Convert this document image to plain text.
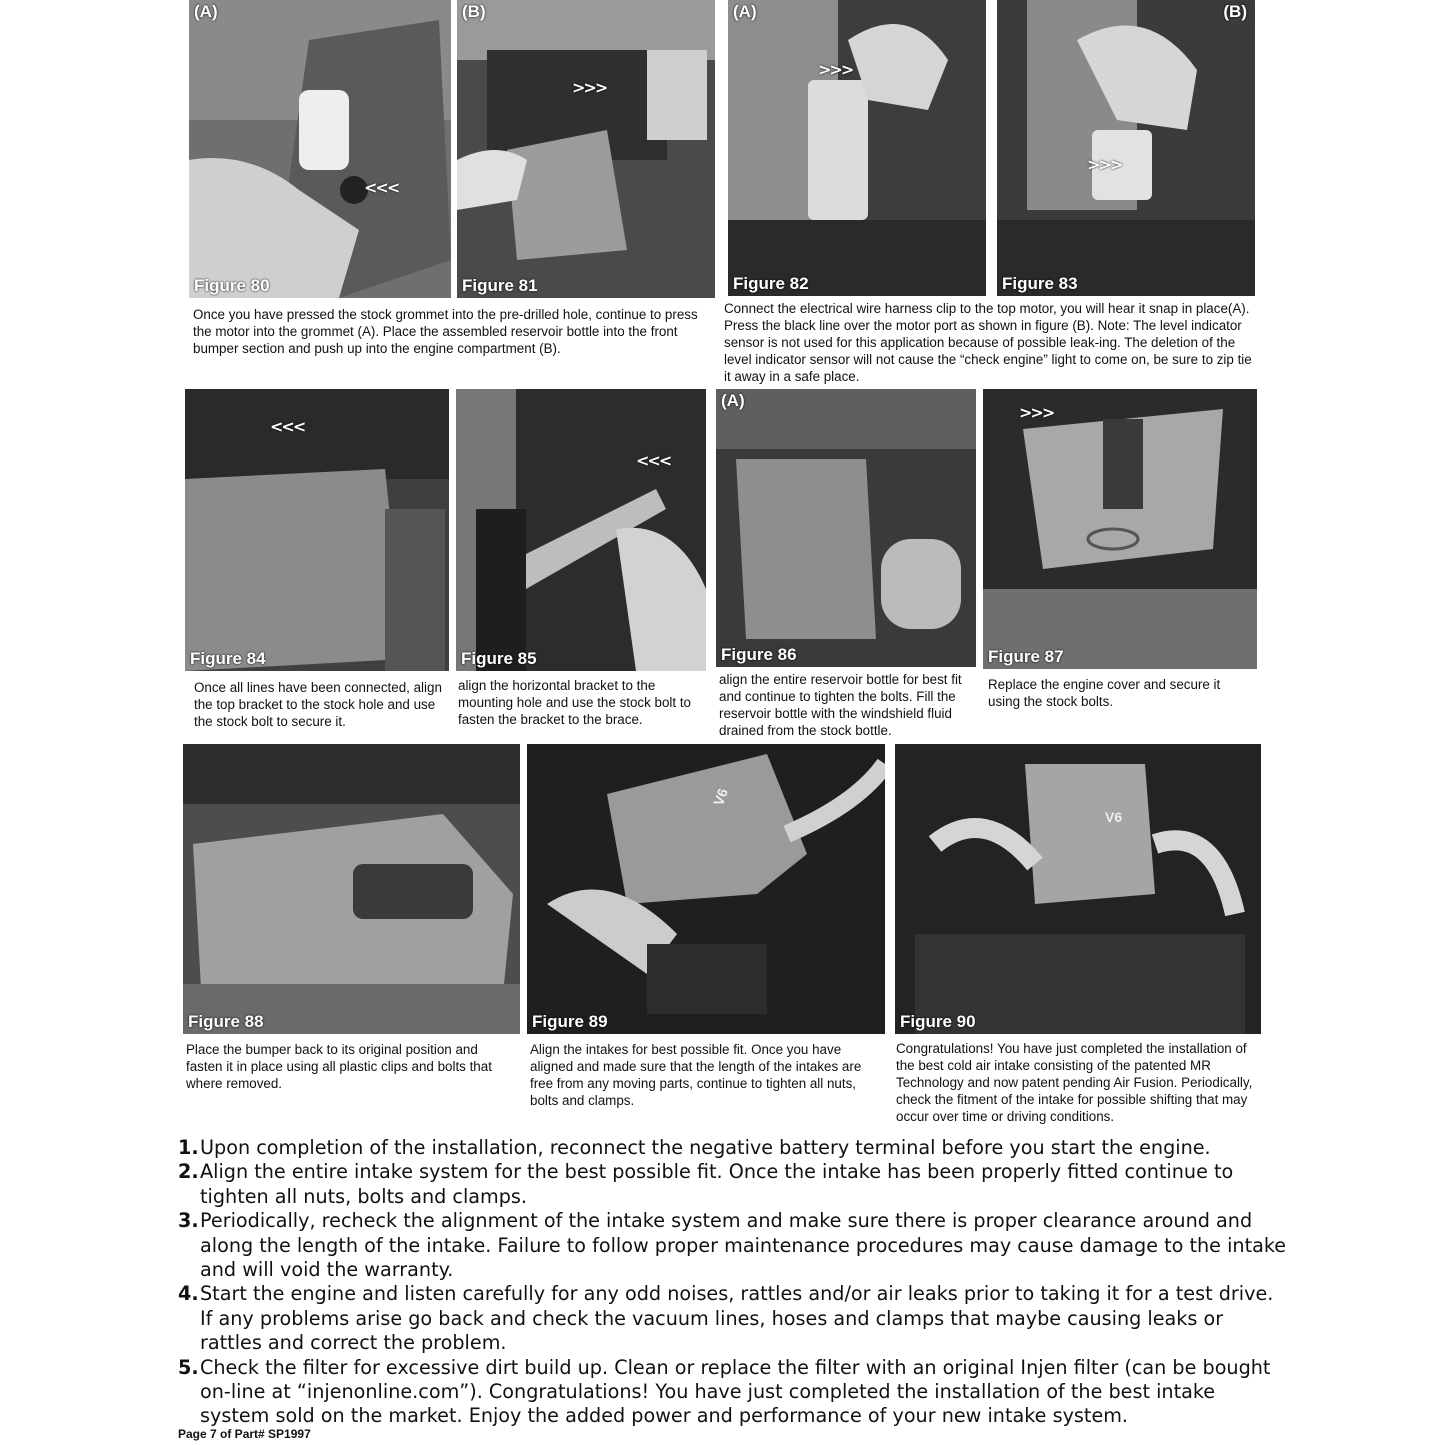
(A)
<<<
Figure 80
(B)
>>>
Figure 81
(A)
>>>
Figure 82
(B)
>>>
Figure 83
Once you have pressed the stock grommet into the pre-drilled hole, continue to press the motor into the grommet (A). Place the assembled reservoir bottle into the front bumper section and push up into the engine compartment (B).
Connect the electrical wire harness clip to the top motor, you will hear it snap in place(A). Press the black line over the motor port as shown in figure (B). Note: The level indicator sensor is not used for this application because of possible leak-ing. The deletion of the level indicator sensor will not cause the “check engine” light to come on, be sure to zip tie it away in a safe place.
<<<
Figure 84
<<<
Figure 85
(A)
Figure 86
>>>
Figure 87
Once all lines have been connected, align the top bracket to the stock hole and use the stock bolt to secure it.
align the horizontal bracket to the mounting hole and use the stock bolt to fasten the bracket to the brace.
align the entire reservoir bottle for best fit and continue to tighten the bolts. Fill the reservoir bottle with the windshield fluid drained from the stock bottle.
Replace the engine cover and secure it using the stock bolts.
Figure 88
V6
Figure 89
V6
Figure 90
Place the bumper back to its original position and fasten it in place using all plastic clips and bolts that where removed.
Align the intakes for best possible fit. Once you have aligned and made sure that the length of the intakes are free from any moving parts, continue to tighten all nuts, bolts and clamps.
Congratulations! You have just completed the installation of the best cold air intake consisting of the patented MR Technology and now patent pending Air Fusion. Periodically, check the fitment of the intake for possible shifting that may occur over time or driving conditions.
1. Upon completion of the installation, reconnect the negative battery terminal before you start the engine.
2. Align the entire intake system for the best possible fit. Once the intake has been properly fitted continue to tighten all nuts, bolts and clamps.
3. Periodically, recheck the alignment of the intake system and make sure there is proper clearance around and along the length of the intake. Failure to follow proper maintenance procedures may cause damage to the intake and will void the warranty.
4. Start the engine and listen carefully for any odd noises, rattles and/or air leaks prior to taking it for a test drive. If any problems arise go back and check the vacuum lines, hoses and clamps that maybe causing leaks or rattles and correct the problem.
5. Check the filter for excessive dirt build up. Clean or replace the filter with an original Injen filter (can be bought on-line at “injenonline.com”). Congratulations! You have just completed the installation of the best intake system sold on the market. Enjoy the added power and performance of your new intake system.
Page 7 of Part# SP1997
